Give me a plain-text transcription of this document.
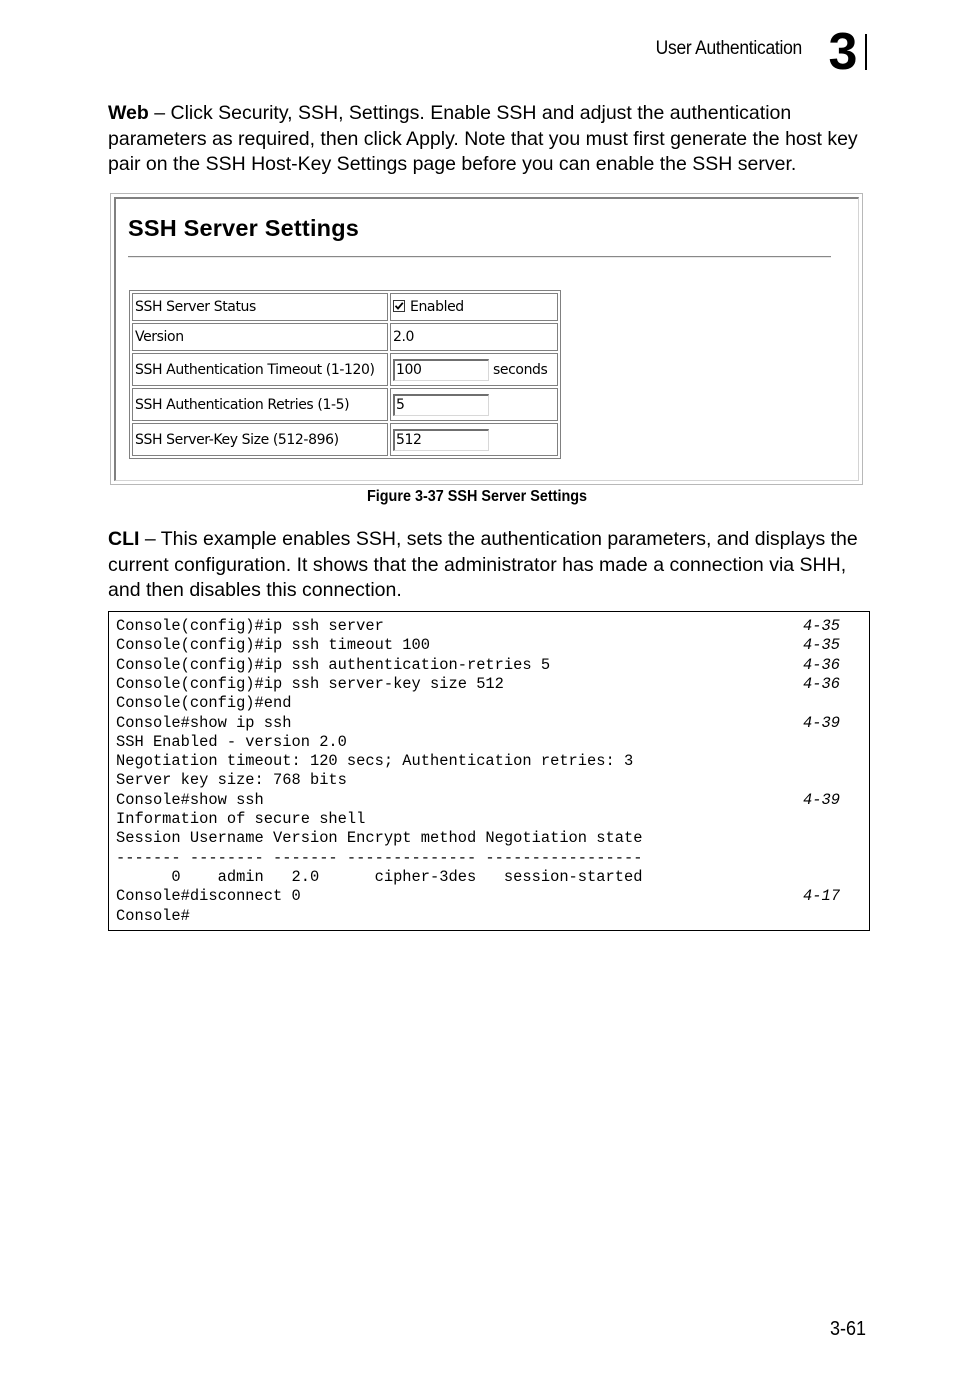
User Authentication 3
Web – Click Security, SSH, Settings. Enable SSH and adjust the authentication parameters as required, then click Apply. Note that you must first generate the host key pair on the SSH Host-Key Settings page before you can enable the SSH server.
SSH Server Settings
SSH Server Status	Enabled
Version	2.0
SSH Authentication Timeout (1-120)	100 seconds
SSH Authentication Retries (1-5)	5
SSH Server-Key Size (512-896)	512
Figure 3-37 SSH Server Settings
CLI – This example enables SSH, sets the authentication parameters, and displays the current configuration. It shows that the administrator has made a connection via SHH, and then disables this connection.
Console(config)#ip ssh server	4-35
Console(config)#ip ssh timeout 100	4-35
Console(config)#ip ssh authentication-retries 5	4-36
Console(config)#ip ssh server-key size 512	4-36
Console(config)#end
Console#show ip ssh	4-39
SSH Enabled - version 2.0
Negotiation timeout: 120 secs; Authentication retries: 3
Server key size: 768 bits
Console#show ssh	4-39
Information of secure shell
Session Username Version Encrypt method Negotiation state
------- -------- ------- -------------- -----------------
0    admin   2.0      cipher-3des   session-started
Console#disconnect 0	4-17
Console#
3-61
